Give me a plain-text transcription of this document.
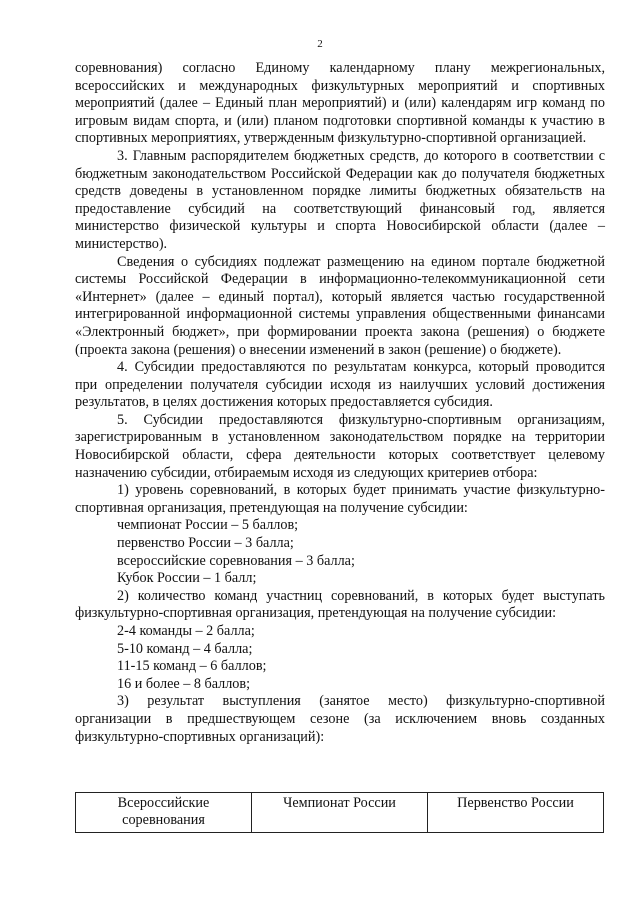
2

соревнования) согласно Единому календарному плану межрегиональных, всероссийских и международных физкультурных мероприятий и спортивных мероприятий (далее – Единый план мероприятий) и (или) календарям игр команд по игровым видам спорта, и (или) планом подготовки спортивной команды к участию в спортивных мероприятиях, утвержденным физкультурно-спортивной организацией.

3. Главным распорядителем бюджетных средств, до которого в соответствии с бюджетным законодательством Российской Федерации как до получателя бюджетных средств доведены в установленном порядке лимиты бюджетных обязательств на предоставление субсидий на соответствующий финансовый год, является министерство физической культуры и спорта Новосибирской области (далее – министерство).

Сведения о субсидиях подлежат размещению на едином портале бюджетной системы Российской Федерации в информационно-телекоммуникационной сети «Интернет» (далее – единый портал), который является частью государственной интегрированной информационной системы управления общественными финансами «Электронный бюджет», при формировании проекта закона (решения) о бюджете (проекта закона (решения) о внесении изменений в закон (решение) о бюджете).

4. Субсидии предоставляются по результатам конкурса, который проводится при определении получателя субсидии исходя из наилучших условий достижения результатов, в целях достижения которых предоставляется субсидия.

5. Субсидии предоставляются физкультурно-спортивным организациям, зарегистрированным в установленном законодательством порядке на территории Новосибирской области, сфера деятельности которых соответствует целевому назначению субсидии, отбираемым исходя из следующих критериев отбора:

1) уровень соревнований, в которых будет принимать участие физкультурно-спортивная организация, претендующая на получение субсидии:

чемпионат России – 5 баллов;

первенство России – 3 балла;

всероссийские соревнования – 3 балла;

Кубок России – 1 балл;

2) количество команд участниц соревнований, в которых будет выступать физкультурно-спортивная организация, претендующая на получение субсидии:

2-4 команды – 2 балла;

5-10 команд – 4 балла;

11-15 команд – 6 баллов;

16 и более – 8 баллов;

3) результат выступления (занятое место) физкультурно-спортивной организации в предшествующем сезоне (за исключением вновь созданных физкультурно-спортивных организаций):

Всероссийские соревнования	Чемпионат России	Первенство России
